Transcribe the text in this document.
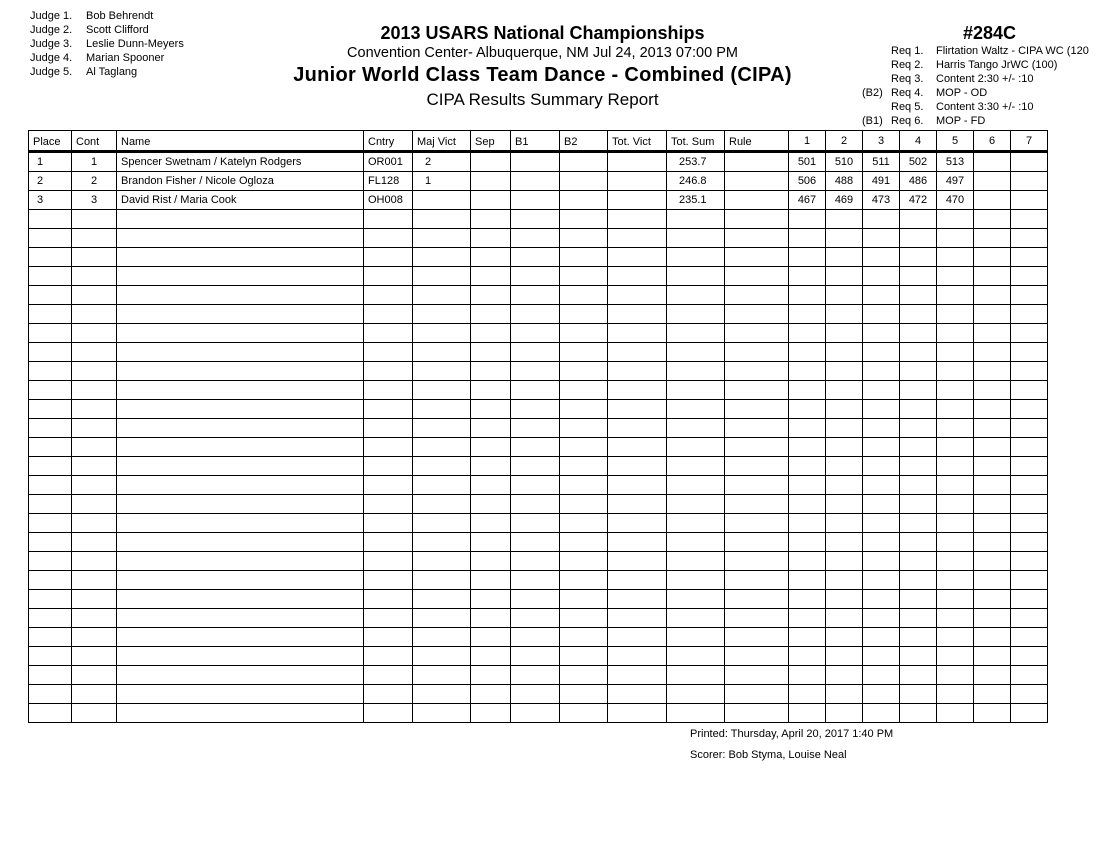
Judge 1. Bob Behrendt
Judge 2. Scott Clifford
Judge 3. Leslie Dunn-Meyers
Judge 4. Marian Spooner
Judge 5. Al Taglang
2013 USARS National Championships
Convention Center- Albuquerque, NM Jul 24, 2013 07:00 PM
Junior World Class Team Dance - Combined (CIPA)
CIPA Results Summary Report
#284C
Req 1. Flirtation Waltz - CIPA WC (120
Req 2. Harris Tango JrWC (100)
Req 3. Content 2:30 +/- :10
(B2) Req 4. MOP - OD
Req 5. Content 3:30 +/- :10
(B1) Req 6. MOP - FD
Place	Cont	Name	Cntry	Maj Vict	Sep	B1	B2	Tot. Vict	Tot. Sum	Rule	1	2	3	4	5	6	7
1	1	Spencer Swetnam / Katelyn Rodgers	OR001	2					253.7		501	510	511	502	513		
2	2	Brandon Fisher / Nicole Ogloza	FL128	1					246.8		506	488	491	486	497		
3	3	David Rist / Maria Cook	OH008						235.1		467	469	473	472	470		

Printed: Thursday, April 20, 2017 1:40 PM
Scorer: Bob Styma, Louise Neal
